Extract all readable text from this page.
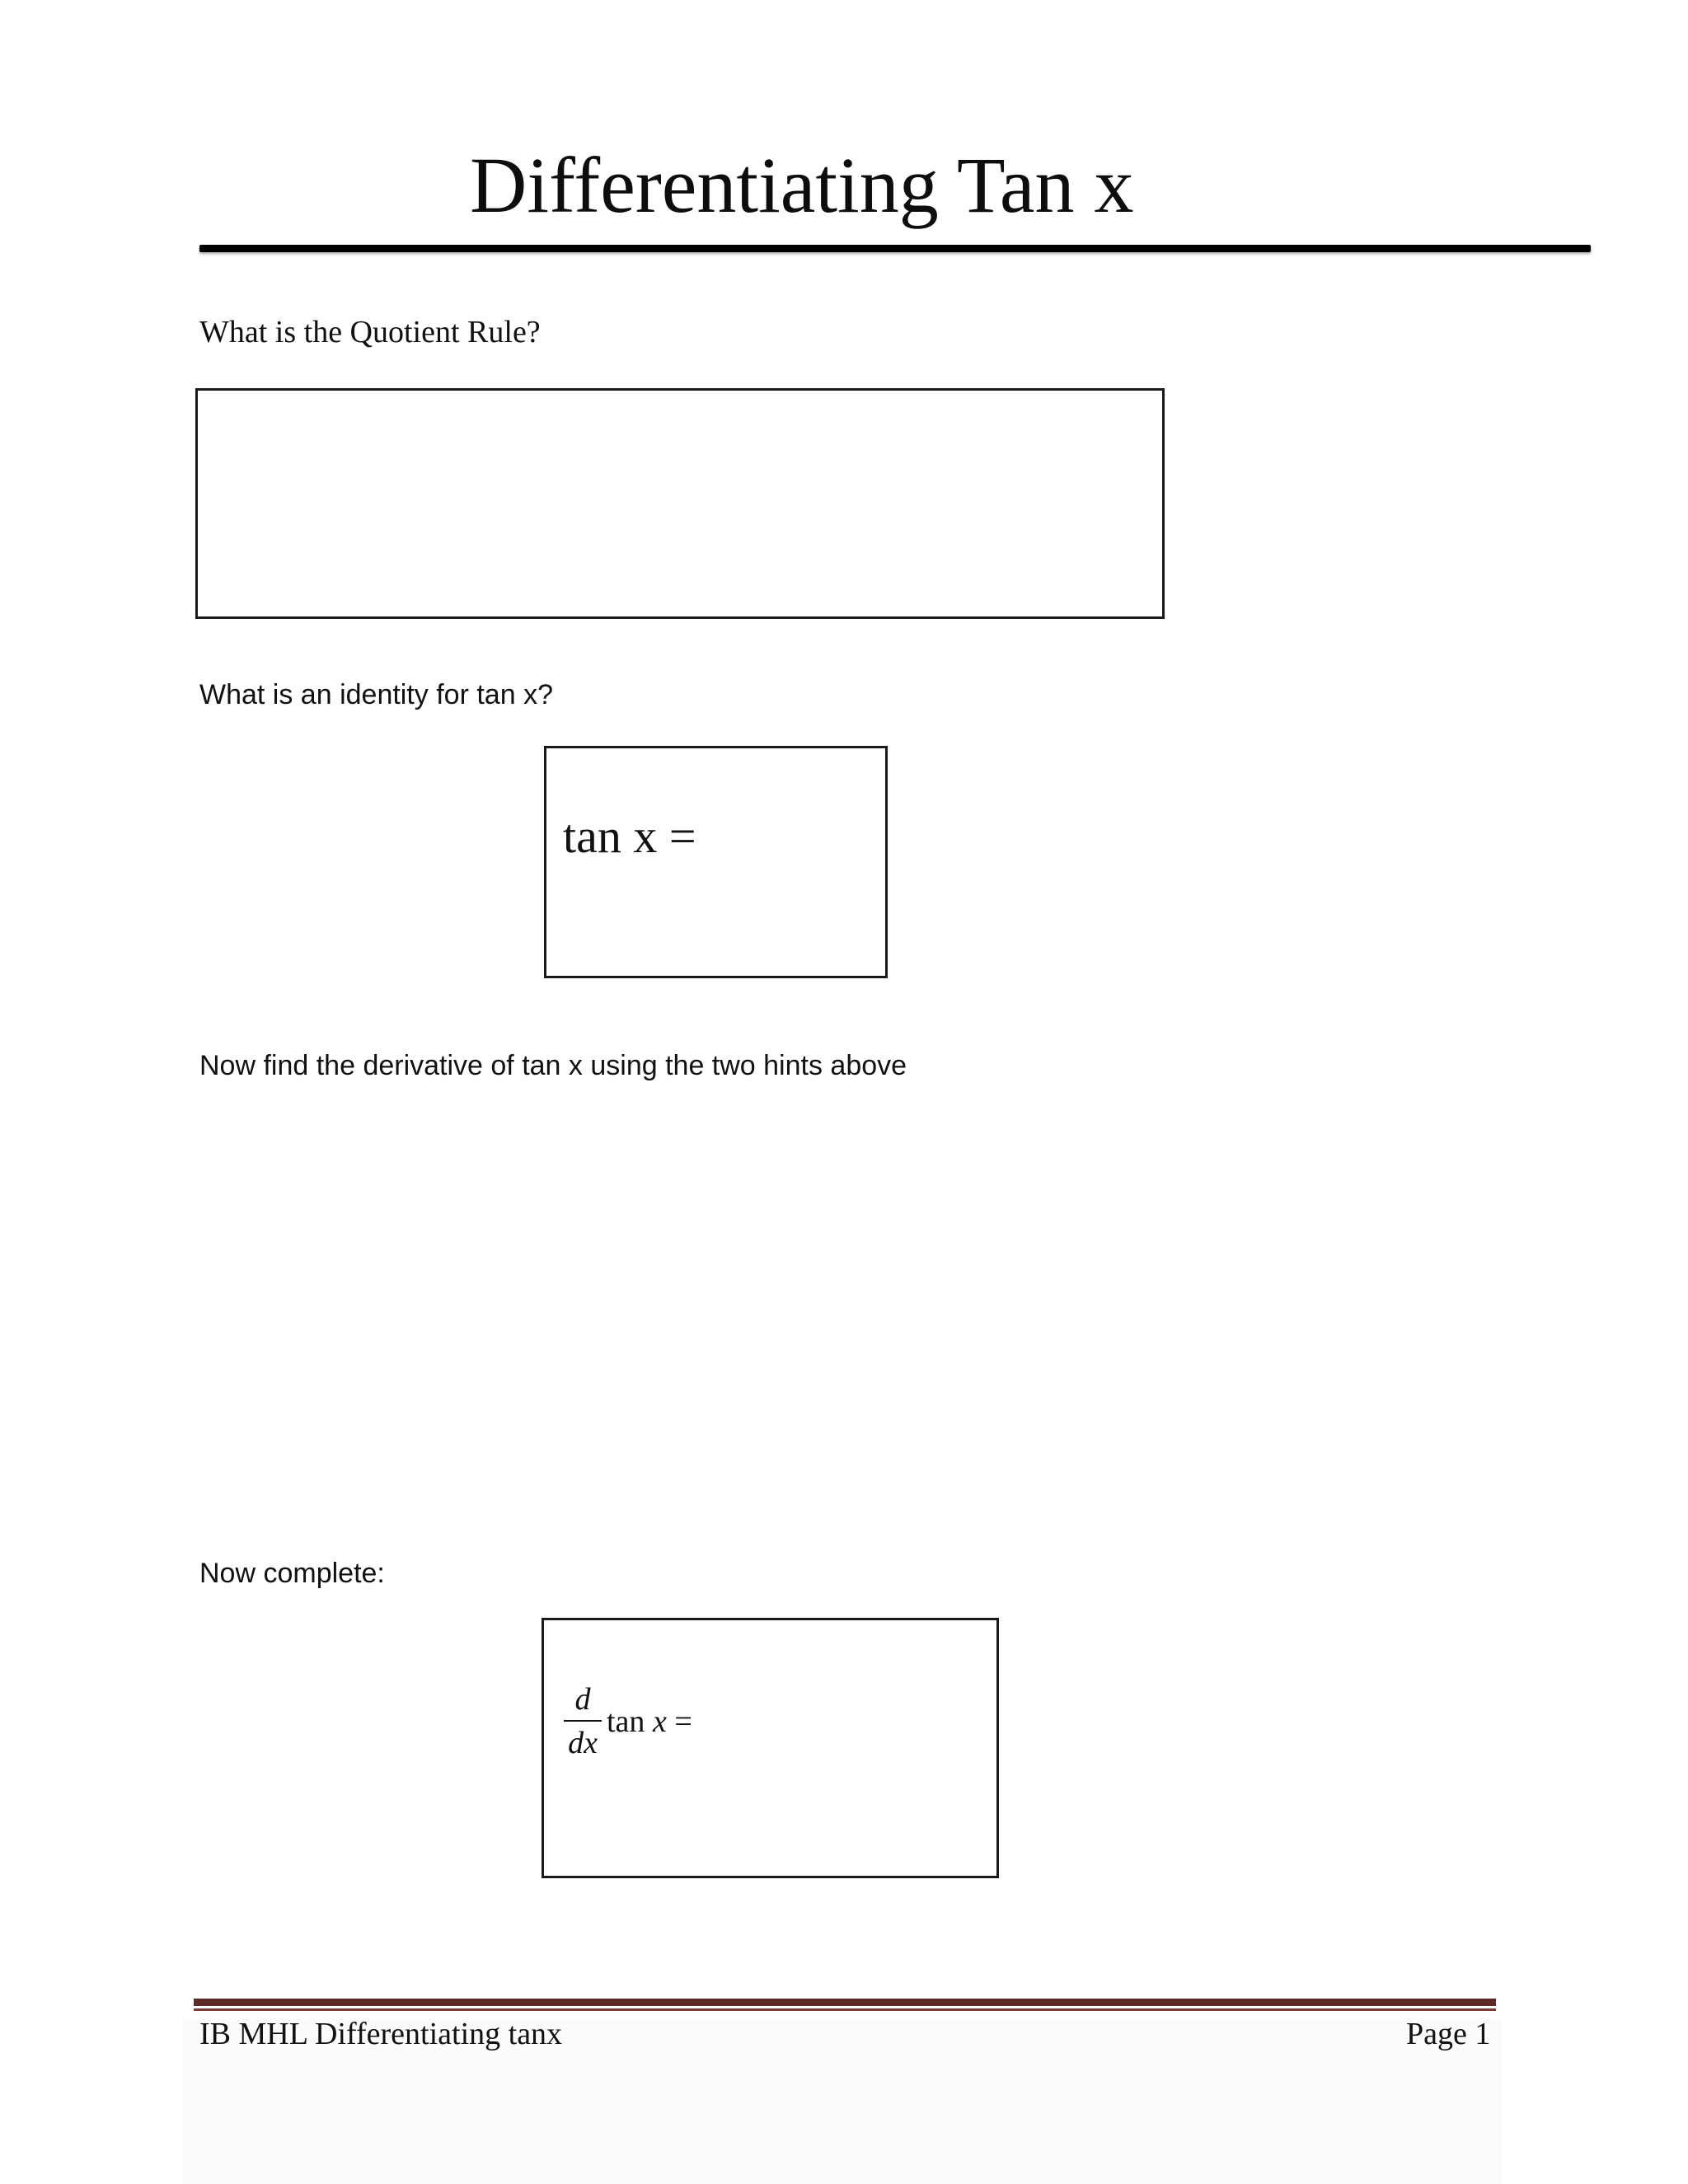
Differentiating Tan x
What is the Quotient Rule?
What is an identity for tan x?
tan x =
Now find the derivative of tan x using the two hints above
Now complete:
d
dx
tan x =
IB MHL Differentiating tanx	Page 1
